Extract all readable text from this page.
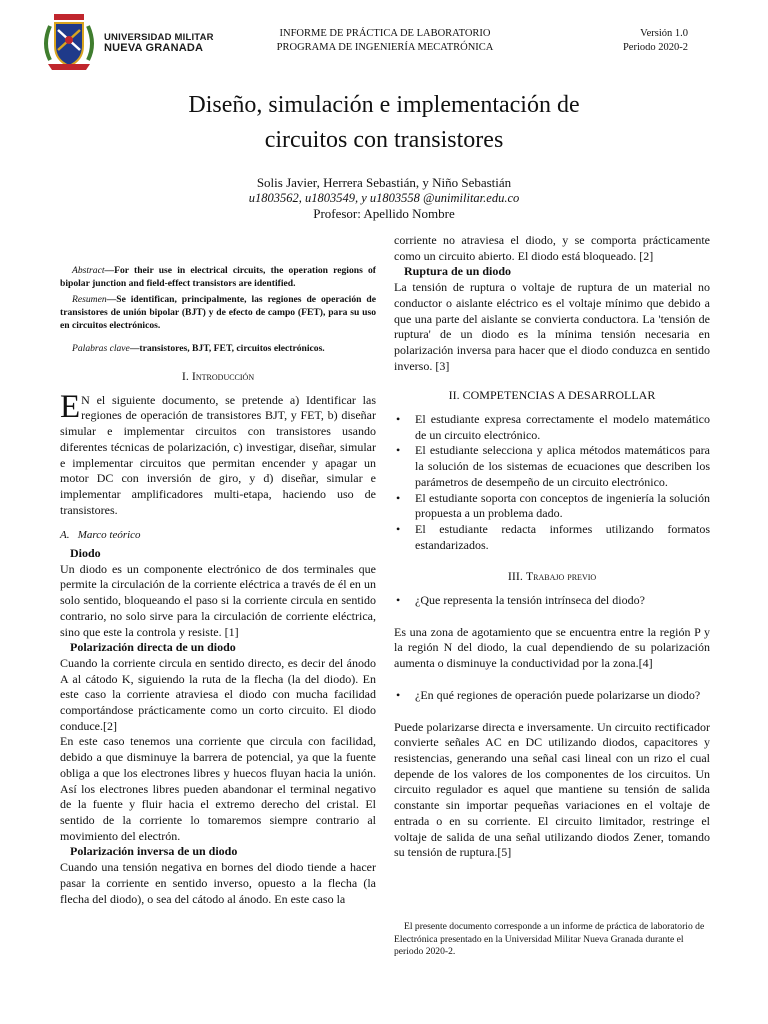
UNIVERSIDAD MILITAR
NUEVA GRANADA
INFORME DE PRÁCTICA DE LABORATORIO
PROGRAMA DE INGENIERÍA MECATRÓNICA
Versión 1.0
Periodo 2020-2
Diseño, simulación e implementación de
circuitos con transistores
Solis Javier, Herrera Sebastián, y Niño Sebastián
u1803562, u1803549, y u1803558 @unimilitar.edu.co
Profesor: Apellido Nombre

Abstract—For their use in electrical circuits, the operation regions of bipolar junction and field-effect transistors are identified.

Resumen—Se identifican, principalmente, las regiones de operación de transistores de unión bipolar (BJT) y de efecto de campo (FET), para su uso en circuitos electrónicos.

Palabras clave—transistores, BJT, FET, circuitos electrónicos.

I. Introducción

E N el siguiente documento, se pretende a) Identificar las regiones de operación de transistores BJT, y FET, b) diseñar simular e implementar circuitos con transistores usando diferentes técnicas de polarización, c) investigar, diseñar, simular e implementar circuitos que permitan encender y apagar un motor DC con inversión de giro, y d) diseñar, simular e implementar amplificadores multi-etapa, haciendo uso de transistores.

A. Marco teórico
Diodo

Un diodo es un componente electrónico de dos terminales que permite la circulación de la corriente eléctrica a través de él en un solo sentido, bloqueando el paso si la corriente circula en sentido contrario, no solo sirve para la circulación de corriente eléctrica, sino que este la controla y resiste. [1]

Polarización directa de un diodo

Cuando la corriente circula en sentido directo, es decir del ánodo A al cátodo K, siguiendo la ruta de la flecha (la del diodo). En este caso la corriente atraviesa el diodo con mucha facilidad comportándose prácticamente como un corto circuito. El diodo conduce.[2]

En este caso tenemos una corriente que circula con facilidad, debido a que disminuye la barrera de potencial, ya que la fuente obliga a que los electrones libres y huecos fluyan hacia la unión. Así los electrones libres pueden abandonar el terminal negativo de la fuente y fluir hacia el extremo derecho del cristal. El sentido de la corriente lo tomaremos siempre contrario al movimiento del electrón.

Polarización inversa de un diodo

Cuando una tensión negativa en bornes del diodo tiende a hacer pasar la corriente en sentido inverso, opuesto a la flecha (la flecha del diodo), o sea del cátodo al ánodo. En este caso la

corriente no atraviesa el diodo, y se comporta prácticamente como un circuito abierto. El diodo está bloqueado. [2]

Ruptura de un diodo

La tensión de ruptura o voltaje de ruptura de un material no conductor o aislante eléctrico es el voltaje mínimo que debido a que una parte del aislante se convierta conductora. La 'tensión de ruptura' de un diodo es la mínima tensión necesaria en polarización inversa para hacer que el diodo conduzca en sentido inverso. [3]

II. COMPETENCIAS A DESARROLLAR
• El estudiante expresa correctamente el modelo matemático de un circuito electrónico.
• El estudiante selecciona y aplica métodos matemáticos para la solución de los sistemas de ecuaciones que describen los parámetros de desempeño de un circuito electrónico.
• El estudiante soporta con conceptos de ingeniería la solución propuesta a un problema dado.
• El estudiante redacta informes utilizando formatos estandarizados.
III. Trabajo previo
• ¿Que representa la tensión intrínseca del diodo?

Es una zona de agotamiento que se encuentra entre la región P y la región N del diodo, la cual dependiendo de su polarización aumenta o disminuye la conductividad por la zona.[4]

• ¿En qué regiones de operación puede polarizarse un diodo?

Puede polarizarse directa e inversamente. Un circuito rectificador convierte señales AC en DC utilizando diodos, capacitores y resistencias, generando una señal casi lineal con un rizo el cual depende de los valores de los componentes de los circuitos. Un circuito regulador es aquel que mantiene su tensión de salida constante sin importar pequeñas variaciones en el voltaje de entrada o en su corriente. El circuito limitador, restringe el voltaje de salida de una señal utilizando diodos Zener, tomando su tensión de ruptura.[5]

El presente documento corresponde a un informe de práctica de laboratorio de Electrónica presentado en la Universidad Militar Nueva Granada durante el periodo 2020-2.
